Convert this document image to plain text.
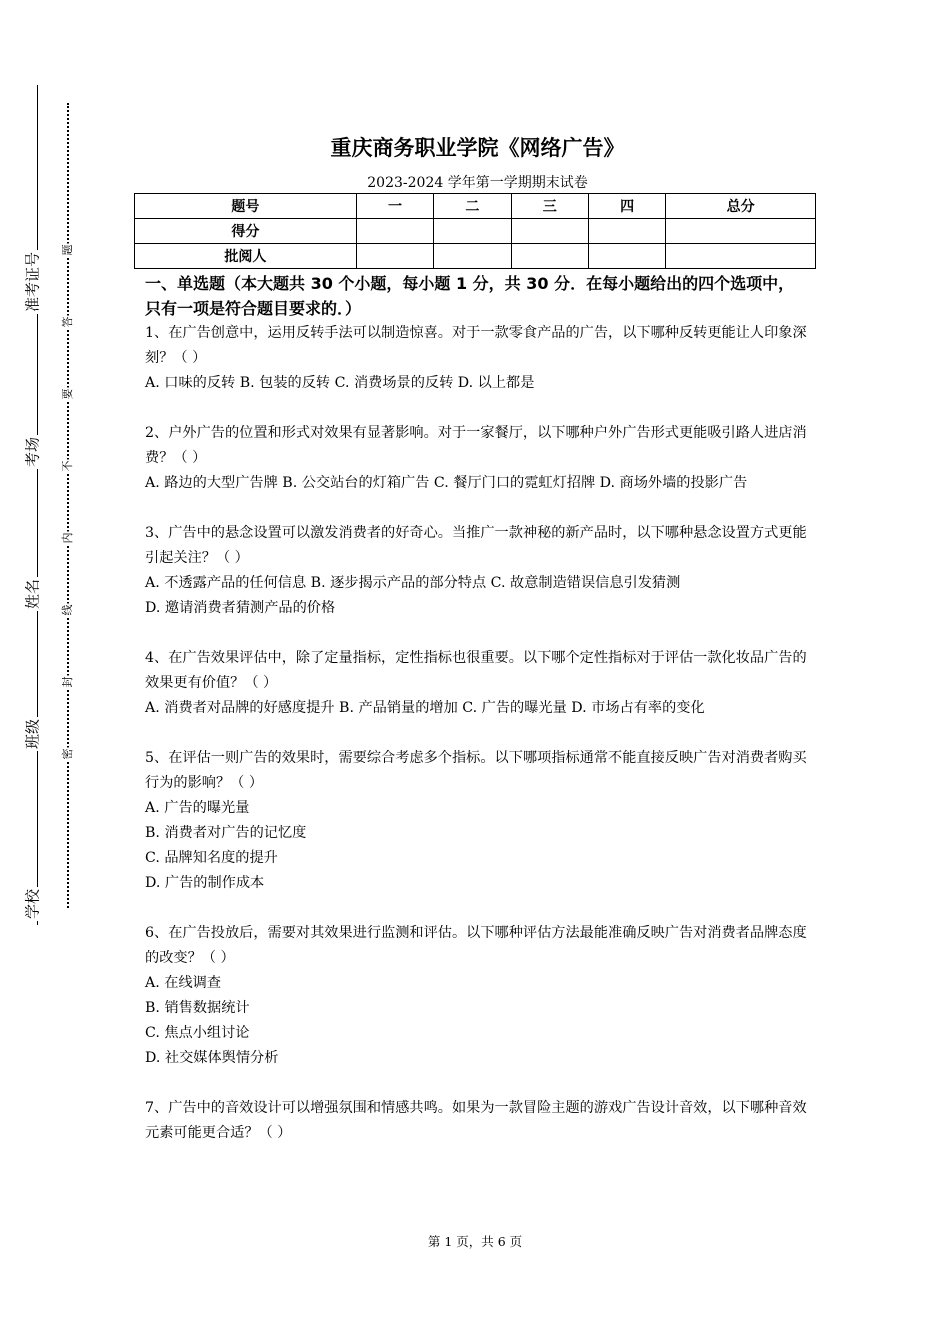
准考证号
考场
姓名
班级
学校
题
答
要
不
内
线
封
密
重庆商务职业学院《网络广告》
2023-2024 学年第一学期期末试卷
题号	一	二	三	四	总分
得分					
批阅人					
一、单选题（本大题共 30 个小题，每小题 1 分，共 30 分．在每小题给出的四个选项中，只有一项是符合题目要求的．）

1、在广告创意中，运用反转手法可以制造惊喜。对于一款零食产品的广告，以下哪种反转更能让人印象深刻？（ ）

A. 口味的反转 B. 包装的反转 C. 消费场景的反转 D. 以上都是

2、户外广告的位置和形式对效果有显著影响。对于一家餐厅，以下哪种户外广告形式更能吸引路人进店消费？（ ）

A. 路边的大型广告牌 B. 公交站台的灯箱广告 C. 餐厅门口的霓虹灯招牌 D. 商场外墙的投影广告

3、广告中的悬念设置可以激发消费者的好奇心。当推广一款神秘的新产品时，以下哪种悬念设置方式更能引起关注？（ ）

A. 不透露产品的任何信息 B. 逐步揭示产品的部分特点 C. 故意制造错误信息引发猜测

D. 邀请消费者猜测产品的价格

4、在广告效果评估中，除了定量指标，定性指标也很重要。以下哪个定性指标对于评估一款化妆品广告的效果更有价值？（ ）

A. 消费者对品牌的好感度提升 B. 产品销量的增加 C. 广告的曝光量 D. 市场占有率的变化

5、在评估一则广告的效果时，需要综合考虑多个指标。以下哪项指标通常不能直接反映广告对消费者购买行为的影响？（ ）

A. 广告的曝光量

B. 消费者对广告的记忆度

C. 品牌知名度的提升

D. 广告的制作成本

6、在广告投放后，需要对其效果进行监测和评估。以下哪种评估方法最能准确反映广告对消费者品牌态度的改变？（ ）

A. 在线调查

B. 销售数据统计

C. 焦点小组讨论

D. 社交媒体舆情分析

7、广告中的音效设计可以增强氛围和情感共鸣。如果为一款冒险主题的游戏广告设计音效，以下哪种音效元素可能更合适？（ ）

第 1 页，共 6 页
